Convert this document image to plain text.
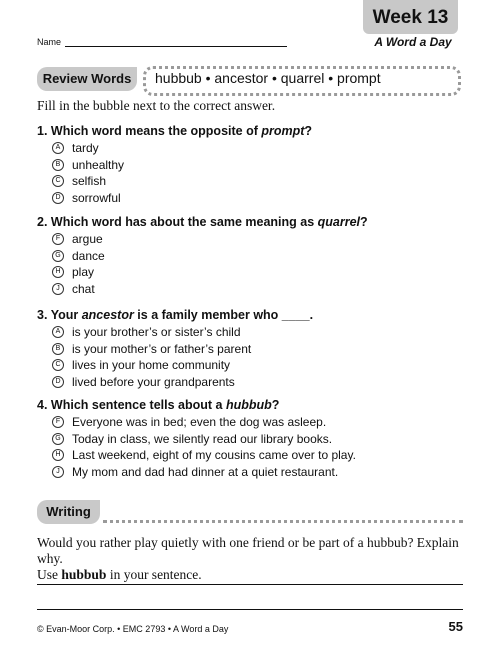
Week 13
A Word a Day
Name
Review Words	hubbub • ancestor • quarrel • prompt
Fill in the bubble next to the correct answer.
1. Which word means the opposite of prompt?
A tardy
B unhealthy
C selfish
D sorrowful
2. Which word has about the same meaning as quarrel?
F argue
G dance
H play
J	chat
3. Your ancestor is a family member who ____.
A is your brother’s or sister’s child
B is your mother’s or father’s parent
C lives in your home community
D lived before your grandparents
4. Which sentence tells about a hubbub?
F Everyone was in bed; even the dog was asleep.
G Today in class, we silently read our library books.
H Last weekend, eight of my cousins came over to play.
J	My mom and dad had dinner at a quiet restaurant.
Writing
Would you rather play quietly with one friend or be part of a hubbub? Explain why.
Use hubbub in your sentence.
© Evan-Moor Corp. • EMC 2793 • A Word a Day	55
